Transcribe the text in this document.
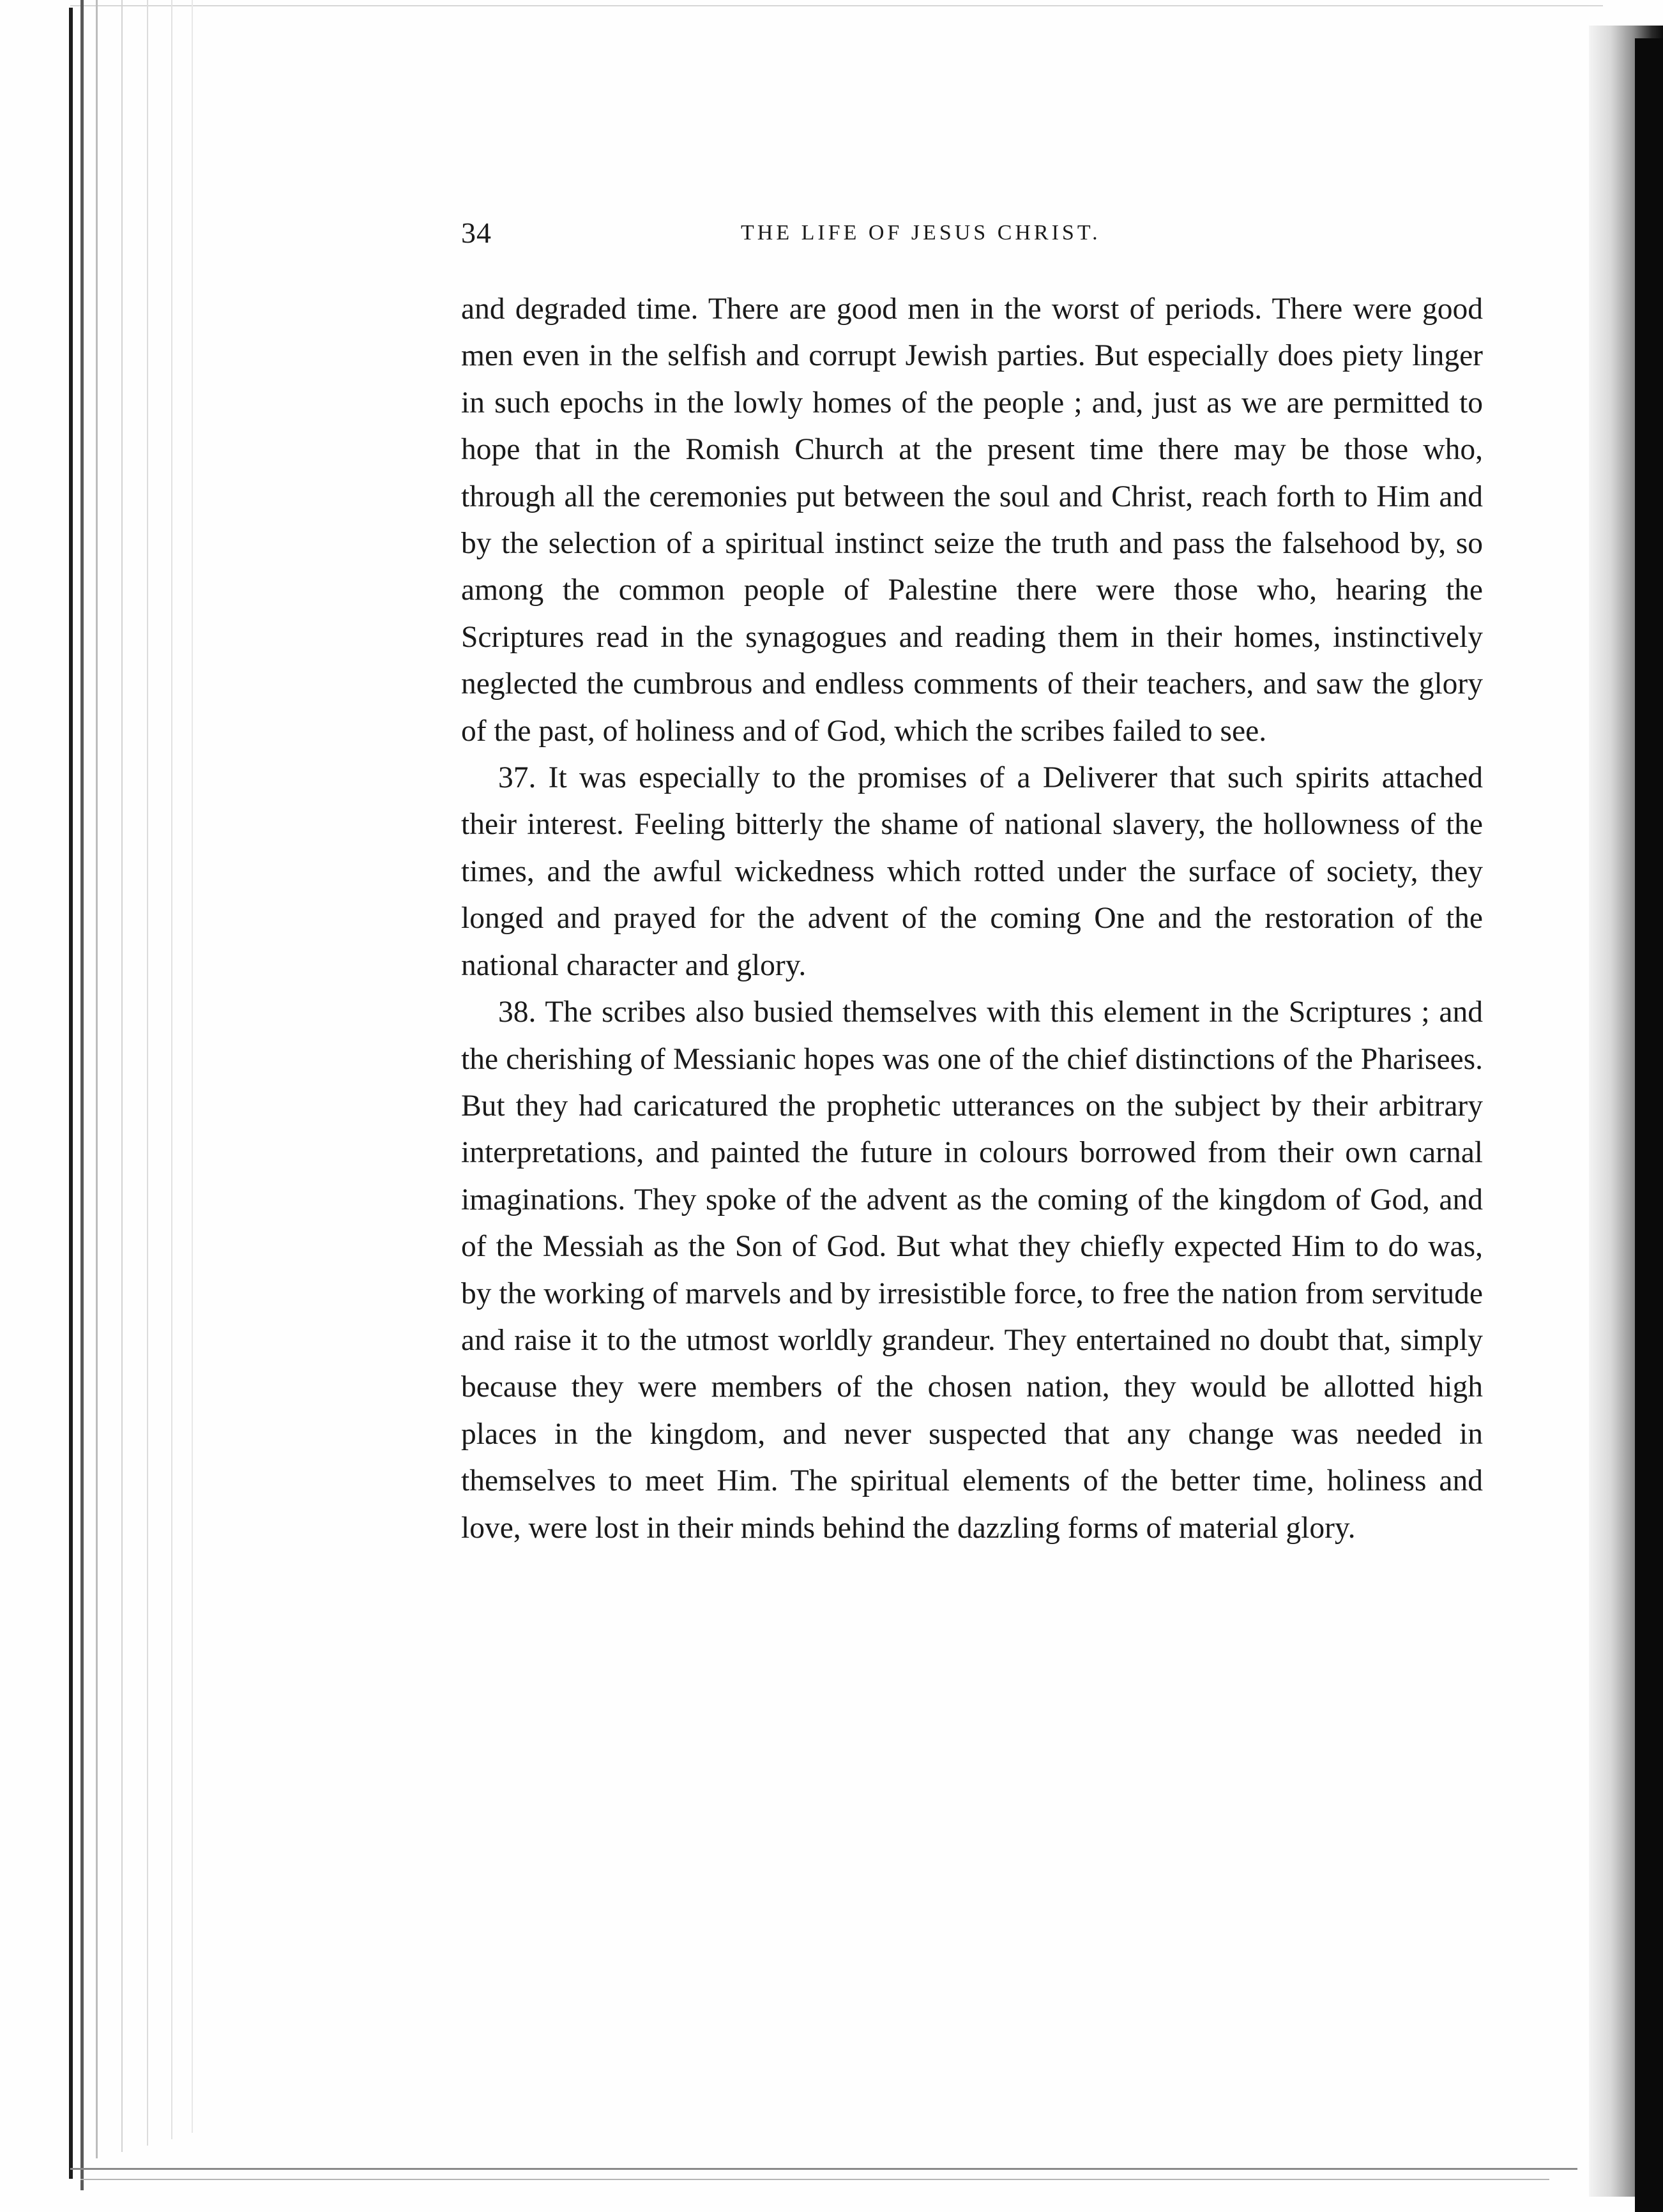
34	THE LIFE OF JESUS CHRIST.

and degraded time. There are good men in the worst of periods. There were good men even in the selfish and corrupt Jewish parties. But especially does piety linger in such epochs in the lowly homes of the people ; and, just as we are permitted to hope that in the Romish Church at the present time there may be those who, through all the ceremonies put between the soul and Christ, reach forth to Him and by the selection of a spiritual instinct seize the truth and pass the falsehood by, so among the common people of Palestine there were those who, hearing the Scriptures read in the synagogues and reading them in their homes, instinctively neglected the cumbrous and endless comments of their teachers, and saw the glory of the past, of holiness and of God, which the scribes failed to see.

37. It was especially to the promises of a Deliverer that such spirits attached their interest. Feeling bitterly the shame of national slavery, the hollowness of the times, and the awful wickedness which rotted under the surface of society, they longed and prayed for the advent of the coming One and the restoration of the national character and glory.

38. The scribes also busied themselves with this element in the Scriptures ; and the cherishing of Messianic hopes was one of the chief distinctions of the Pharisees. But they had caricatured the prophetic utterances on the subject by their arbitrary interpretations, and painted the future in colours borrowed from their own carnal imaginations. They spoke of the advent as the coming of the kingdom of God, and of the Messiah as the Son of God. But what they chiefly expected Him to do was, by the working of marvels and by irresistible force, to free the nation from servitude and raise it to the utmost worldly grandeur. They entertained no doubt that, simply because they were members of the chosen nation, they would be allotted high places in the kingdom, and never suspected that any change was needed in themselves to meet Him. The spiritual elements of the better time, holiness and love, were lost in their minds behind the dazzling forms of material glory.
